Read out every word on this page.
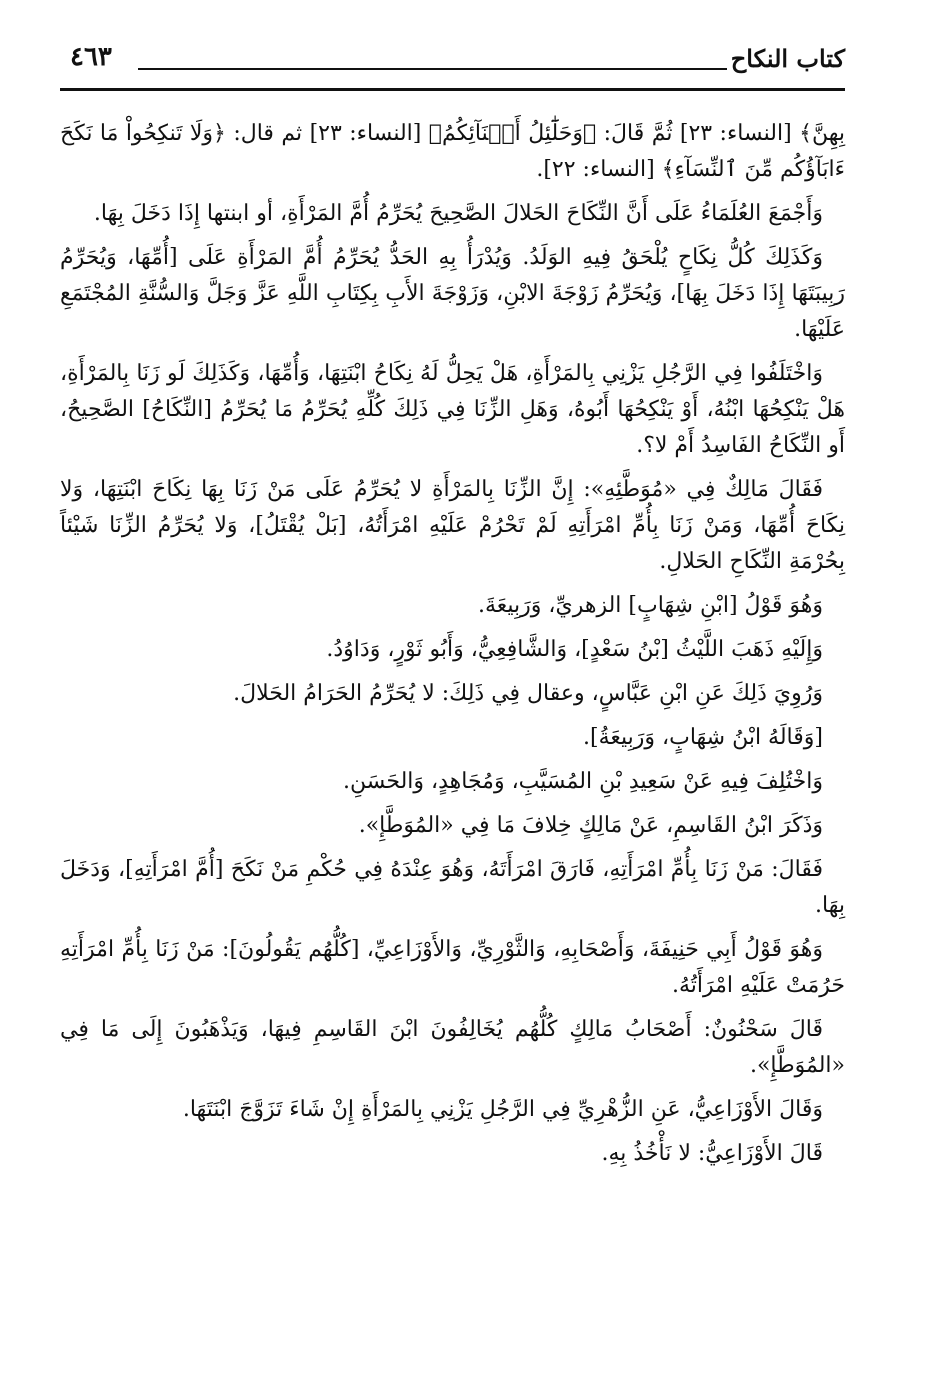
كتاب النكاح
٤٦٣

بِهِنَّ﴾ [النساء: ٢٣] ثُمَّ قَالَ: ﴿وَحَلَٰٓئِلُ أَبۡنَآئِكُمُ﴾ [النساء: ٢٣] ثم قال: ﴿وَلَا تَنكِحُواْ مَا نَكَحَ ءَابَآؤُكُم مِّنَ ٱلنِّسَآءِ﴾ [النساء: ٢٢].

وَأَجْمَعَ العُلَمَاءُ عَلَى أَنَّ النِّكَاحَ الحَلالَ الصَّحِيحَ يُحَرِّمُ أُمَّ المَرْأَةِ، أو ابنتها إِذَا دَخَلَ بِهَا.

وَكَذَلِكَ كُلُّ نِكَاحٍ يُلْحَقُ فِيهِ الوَلَدُ. وَيُدْرَأُ بِهِ الحَدُّ يُحَرِّمُ أُمَّ المَرْأَةِ عَلَى [أُمِّهَا، وَيُحَرِّمُ رَبِيبَتَهَا إِذَا دَخَلَ بِهَا]، وَيُحَرِّمُ زَوْجَةَ الابْنِ، وَزَوْجَةَ الأَبِ بِكِتَابِ اللَّهِ عَزَّ وَجَلَّ وَالسُّنَّةِ المُجْتَمَعِ عَلَيْهَا.

وَاخْتَلَفُوا فِي الرَّجُلِ يَزْنِي بِالمَرْأَةِ، هَلْ يَحِلُّ لَهُ نِكَاحُ ابْنَتِهَا، وَأُمِّهَا، وَكَذَلِكَ لَو زَنَا بِالمَرْأَةِ، هَلْ يَنْكِحُهَا ابْنُهُ، أَوْ يَنْكِحُهَا أَبُوهُ، وَهَلِ الزِّنَا فِي ذَلِكَ كُلِّهِ يُحَرِّمُ مَا يُحَرِّمُ [النِّكَاحُ] الصَّحِيحُ، أَو النِّكَاحُ الفَاسِدُ أَمْ لا؟.

فَقَالَ مَالِكٌ فِي «مُوَطَّئِهِ»: إِنَّ الزِّنَا بِالمَرْأَةِ لا يُحَرِّمُ عَلَى مَنْ زَنَا بِهَا نِكَاحَ ابْنَتِهَا، وَلا نِكَاحَ أُمِّهَا، وَمَنْ زَنَا بِأُمِّ امْرَأَتِهِ لَمْ تَحْرُمْ عَلَيْهِ امْرَأَتُهُ، [بَلْ يُقْتَلُ]، وَلا يُحَرِّمُ الزِّنَا شَيْئاً بِحُرْمَةِ النِّكَاحِ الحَلالِ.

وَهُوَ قَوْلُ [ابْنِ شِهَابٍ] الزهريِّ، وَرَبِيعَةَ.

وَإِلَيْهِ ذَهَبَ اللَّيْثُ [بْنُ سَعْدٍ]، وَالشَّافِعِيُّ، وَأَبُو ثَوْرٍ، وَدَاوُدُ.

وَرُوِيَ ذَلِكَ عَنِ ابْنِ عَبَّاسٍ، وعقال فِي ذَلِكَ: لا يُحَرِّمُ الحَرَامُ الحَلالَ.

[وَقَالَهُ ابْنُ شِهَابٍ، وَرَبِيعَةُ].

وَاخْتُلِفَ فِيهِ عَنْ سَعِيدِ بْنِ المُسَيَّبِ، وَمُجَاهِدٍ، وَالحَسَنِ.

وَذَكَرَ ابْنُ القَاسِمِ، عَنْ مَالِكٍ خِلافَ مَا فِي «المُوَطَّإِ».

فَقَالَ: مَنْ زَنَا بِأُمِّ امْرَأَتِهِ، فَارَقَ امْرَأَتَهُ، وَهُوَ عِنْدَهُ فِي حُكْمِ مَنْ نَكَحَ [أُمَّ امْرَأَتِهِ]، وَدَخَلَ بِهَا.

وَهُوَ قَوْلُ أَبِي حَنِيفَةَ، وَأَصْحَابِهِ، وَالثَّوْرِيِّ، وَالأَوْزَاعِيِّ، [كُلُّهُم يَقُولُونَ]: مَنْ زَنَا بِأُمِّ امْرَأَتِهِ حَرُمَتْ عَلَيْهِ امْرَأَتُهُ.

قَالَ سَحْنُونٌ: أَصْحَابُ مَالِكٍ كُلُّهُم يُخَالِفُونَ ابْنَ القَاسِمِ فِيهَا، وَيَذْهَبُونَ إِلَى مَا فِي «المُوَطَّإِ».

وَقَالَ الأَوْزَاعِيُّ، عَنِ الزُّهْرِيِّ فِي الرَّجُلِ يَزْنِي بِالمَرْأَةِ إِنْ شَاءَ تَزَوَّجَ ابْنَتَهَا.

قَالَ الأَوْزَاعِيُّ: لا نَأْخُذُ بِهِ.
